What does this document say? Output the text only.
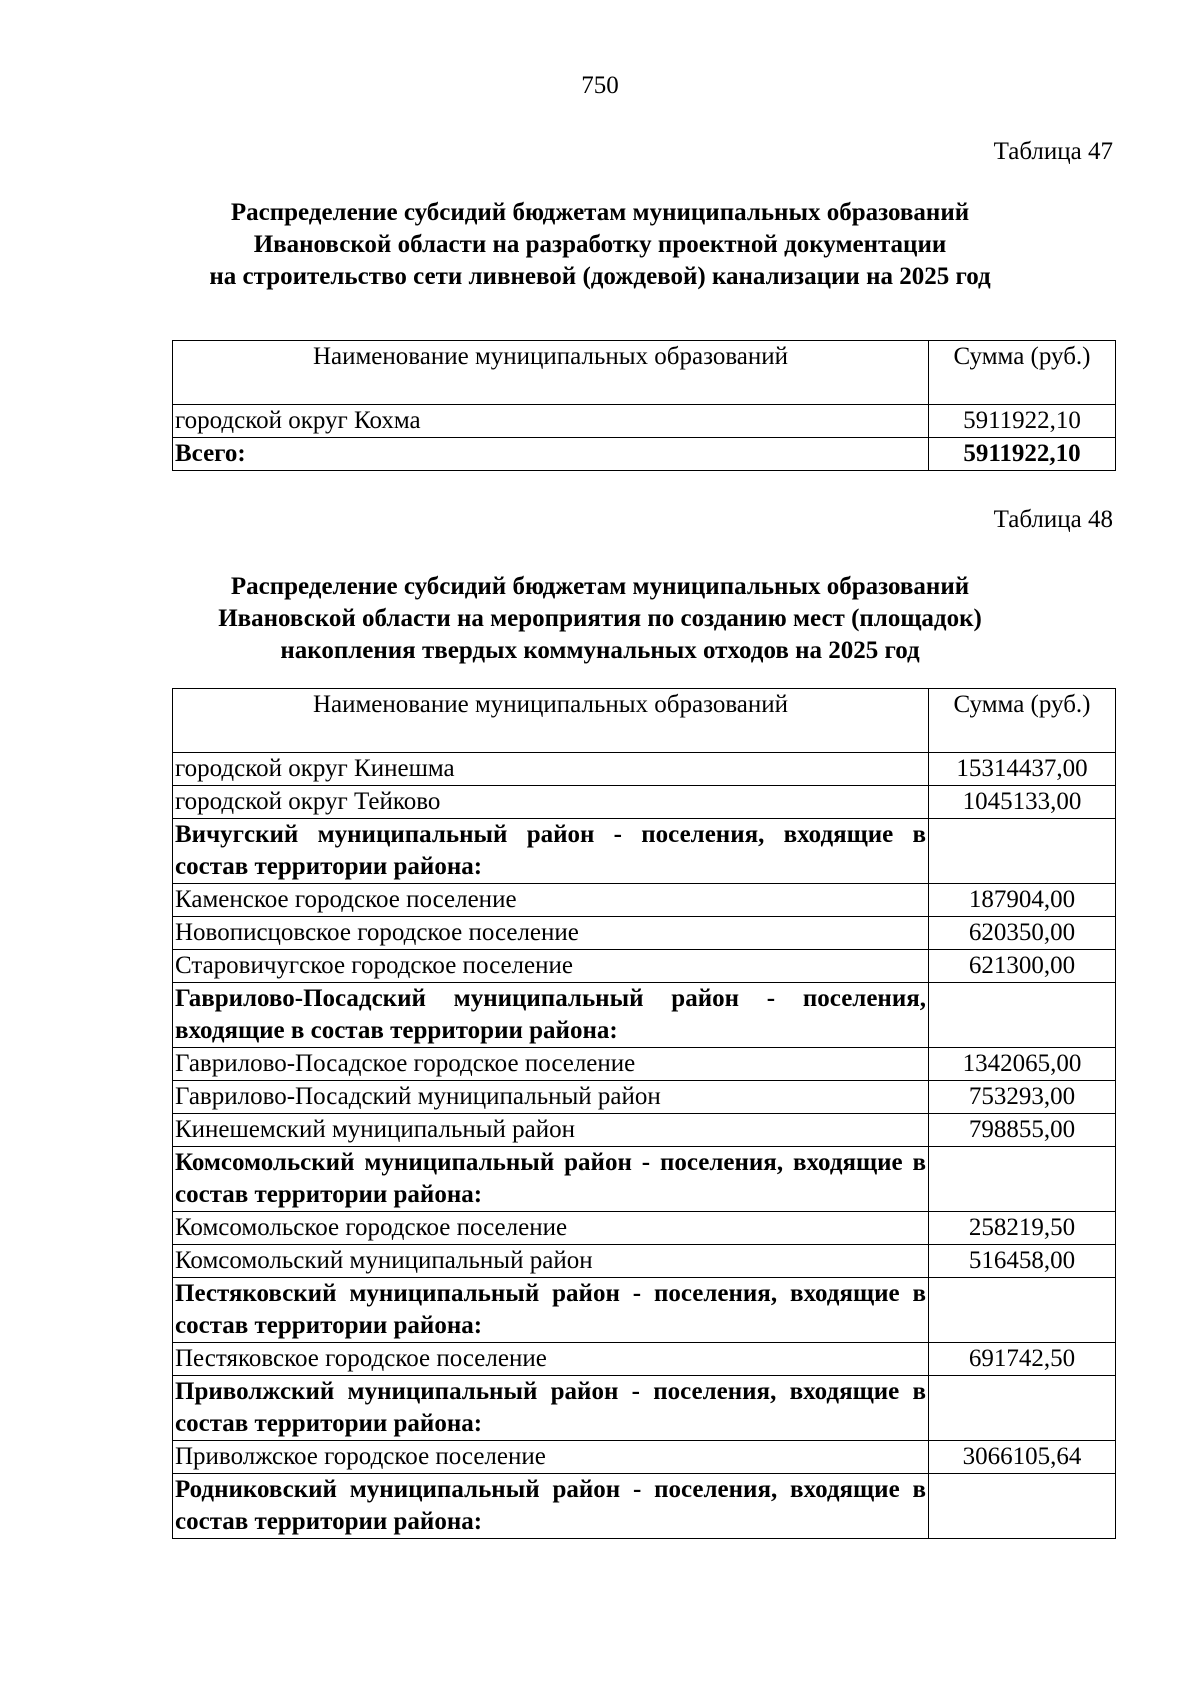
750
Таблица 47
Распределение субсидий бюджетам муниципальных образований
Ивановской области на разработку проектной документации
на строительство сети ливневой (дождевой) канализации на 2025 год
Наименование муниципальных образований	Сумма (руб.)
городской округ Кохма	5911922,10
Всего:	5911922,10
Таблица 48
Распределение субсидий бюджетам муниципальных образований
Ивановской области на мероприятия по созданию мест (площадок)
накопления твердых коммунальных отходов на 2025 год
Наименование муниципальных образований	Сумма (руб.)
городской округ Кинешма	15314437,00
городской округ Тейково	1045133,00
Вичугский муниципальный район - поселения, входящие в состав территории района:	
Каменское городское поселение	187904,00
Новописцовское городское поселение	620350,00
Старовичугское городское поселение	621300,00
Гаврилово-Посадский муниципальный район - поселения, входящие в состав территории района:	
Гаврилово-Посадское городское поселение	1342065,00
Гаврилово-Посадский муниципальный район	753293,00
Кинешемский муниципальный район	798855,00
Комсомольский муниципальный район - поселения, входящие в состав территории района:	
Комсомольское городское поселение	258219,50
Комсомольский муниципальный район	516458,00
Пестяковский муниципальный район - поселения, входящие в состав территории района:	
Пестяковское городское поселение	691742,50
Приволжский муниципальный район - поселения, входящие в состав территории района:	
Приволжское городское поселение	3066105,64
Родниковский муниципальный район - поселения, входящие в состав территории района:	
